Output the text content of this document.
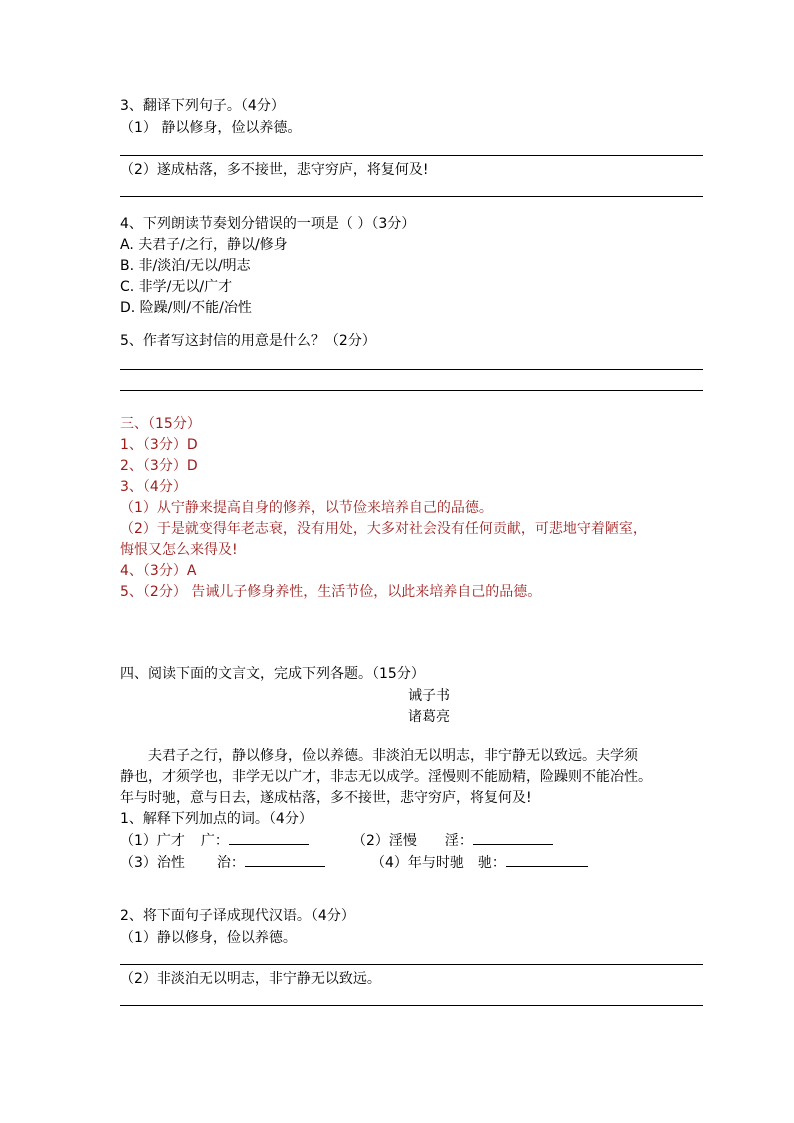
3、翻译下列句子。（4分）
（1） 静以修身，俭以养德。
（2）遂成枯落，多不接世，悲守穷庐，将复何及!
4、下列朗读节奏划分错误的一项是（ ）（3分）
A. 夫君子/之行，静以/修身
B. 非/淡泊/无以/明志
C. 非学/无以/广才
D. 险躁/则/不能/冶性
5、作者写这封信的用意是什么？（2分）
三、（15分）
1、（3分）D
2、（3分）D
3、（4分）
（1）从宁静来提高自身的修养，以节俭来培养自己的品德。
（2）于是就变得年老志衰，没有用处，大多对社会没有任何贡献，可悲地守着陋室，
悔恨又怎么来得及!
4、（3分）A
5、（2分） 告诫儿子修身养性，生活节俭，以此来培养自己的品德。
四、阅读下面的文言文，完成下列各题。（15分）
诫子书
诸葛亮
夫君子之行，静以修身，俭以养德。非淡泊无以明志，非宁静无以致远。夫学须
静也，才须学也，非学无以广才，非志无以成学。淫慢则不能励精，险躁则不能冶性。
年与时驰，意与日去，遂成枯落，多不接世，悲守穷庐，将复何及!
1、解释下列加点的词。（4分）
（1）广才 广：	（2）淫慢 淫：
（3）治性 治：	（4）年与时驰 驰：
2、将下面句子译成现代汉语。（4分）
（1）静以修身，俭以养德。
（2）非淡泊无以明志，非宁静无以致远。
